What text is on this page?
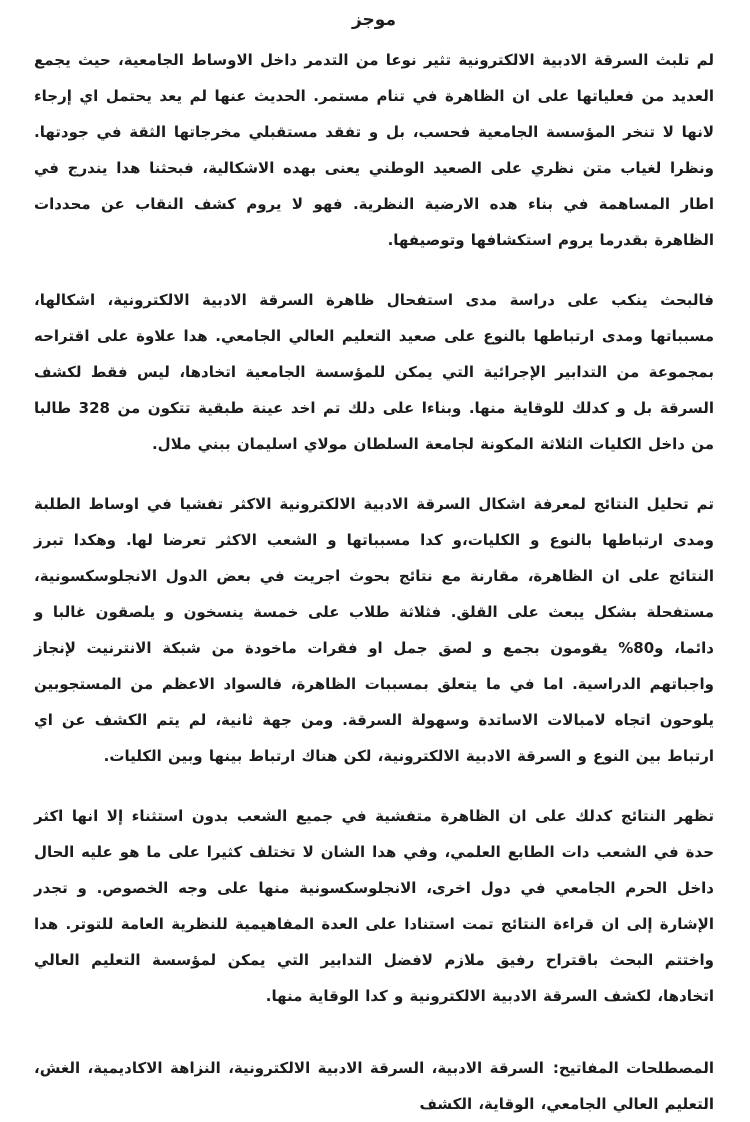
موجز

لم تلبث السرقة الادبية الالكترونية تثير نوعا من التدمر داخل الاوساط الجامعية، حيث يجمع العديد من فعلياتها على ان الظاهرة في تنام مستمر. الحديث عنها لم يعد يحتمل اي إرجاء لانها لا تنخر المؤسسة الجامعية فحسب، بل و تفقد مستقبلي مخرجاتها الثقة في جودتها. ونظرا لغياب متن نظري على الصعيد الوطني يعنى بهده الاشكالية، فبحثنا هدا يندرج في اطار المساهمة في بناء هده الارضية النظرية. فهو لا يروم كشف النقاب عن محددات الظاهرة بقدرما يروم استكشافها وتوصيفها.

فالبحث ينكب على دراسة مدى استفحال ظاهرة السرقة الادبية الالكترونية، اشكالها، مسبباتها ومدى ارتباطها بالنوع على صعيد التعليم العالي الجامعي. هدا علاوة على اقتراحه بمجموعة من التدابير الإجرائية التي يمكن للمؤسسة الجامعية اتخادها، ليس فقط لكشف السرقة بل و كدلك للوقاية منها. وبناءا على دلك تم اخد عينة طبقية تتكون من 328 طالبا من داخل الكليات الثلاثة المكونة لجامعة السلطان مولاي اسليمان ببني ملال.

تم تحليل النتائج لمعرفة اشكال السرقة الادبية الالكترونية الاكثر تفشيا في اوساط الطلبة ومدى ارتباطها بالنوع و الكليات،و كدا مسبباتها و الشعب الاكثر تعرضا لها. وهكدا تبرز النتائج على ان الظاهرة، مقارنة مع نتائج بحوث اجريت في بعض الدول الانجلوسكسونية، مستفحلة بشكل يبعث على القلق. فثلاثة طلاب على خمسة ينسخون و يلصقون غالبا و دائما، و80% يقومون بجمع و لصق جمل او فقرات ماخودة من شبكة الانترنيت لإنجاز واجباتهم الدراسية. اما في ما يتعلق بمسببات الظاهرة، فالسواد الاعظم من المستجوبين يلوحون اتجاه لامبالات الاساتدة وسهولة السرقة. ومن جهة ثانية، لم يتم الكشف عن اي ارتباط بين النوع و السرقة الادبية الالكترونية، لكن هناك ارتباط بينها وبين الكليات.

تظهر النتائج كدلك على ان الظاهرة متفشية في جميع الشعب بدون استثناء إلا انها اكثر حدة في الشعب دات الطابع العلمي، وفي هدا الشان لا تختلف كثيرا على ما هو عليه الحال داخل الحرم الجامعي في دول اخرى، الانجلوسكسونية منها على وجه الخصوص. و تجدر الإشارة إلى ان قراءة النتائج تمت استنادا على العدة المفاهيمية للنظرية العامة للتوتر. هدا واختتم البحث باقتراح رفيق ملازم لافضل التدابير التي يمكن لمؤسسة التعليم العالي اتخادها، لكشف السرقة الادبية الالكترونية و كدا الوقاية منها.

المصطلحات المفاتيح:السرقة الادبية، السرقة الادبية الالكترونية، النزاهة الاكاديمية، الغش، التعليم العالي الجامعي، الوقاية، الكشف
